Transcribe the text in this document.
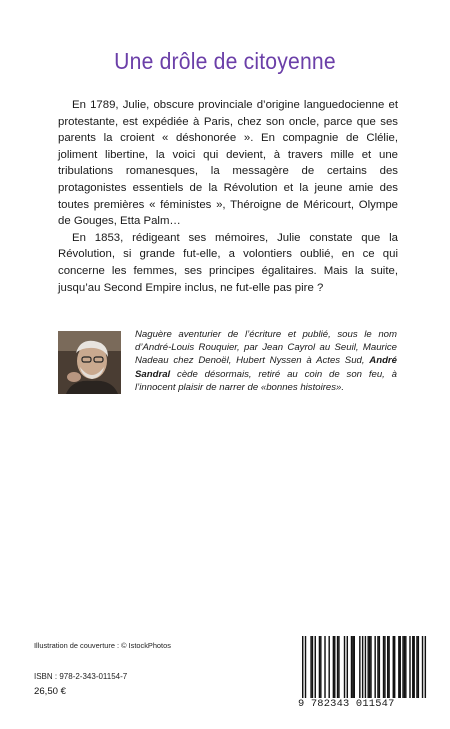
Une drôle de citoyenne

En 1789, Julie, obscure provinciale d’origine languedocienne et protestante, est expédiée à Paris, chez son oncle, parce que ses parents la croient « déshonorée ». En compagnie de Clélie, joliment libertine, la voici qui devient, à travers mille et une tribulations romanesques, la messagère de certains des protagonistes essentiels de la Révolution et la jeune amie des toutes premières « féministes », Théroigne de Méricourt, Olympe de Gouges, Etta Palm…

En 1853, rédigeant ses mémoires, Julie constate que la Révolution, si grande fut-elle, a volontiers oublié, en ce qui concerne les femmes, ses principes égalitaires. Mais la suite, jusqu’au Second Empire inclus, ne fut-elle pas pire ?

Naguère aventurier de l’écriture et publié, sous le nom d’André-Louis Rouquier, par Jean Cayrol au Seuil, Maurice Nadeau chez Denoël, Hubert Nyssen à Actes Sud, André Sandral cède désormais, retiré au coin de son feu, à l’innocent plaisir de narrer de «bonnes histoires».
Illustration de couverture : © IstockPhotos
ISBN : 978-2-343-01154-7
26,50 €
9 782343 011547
